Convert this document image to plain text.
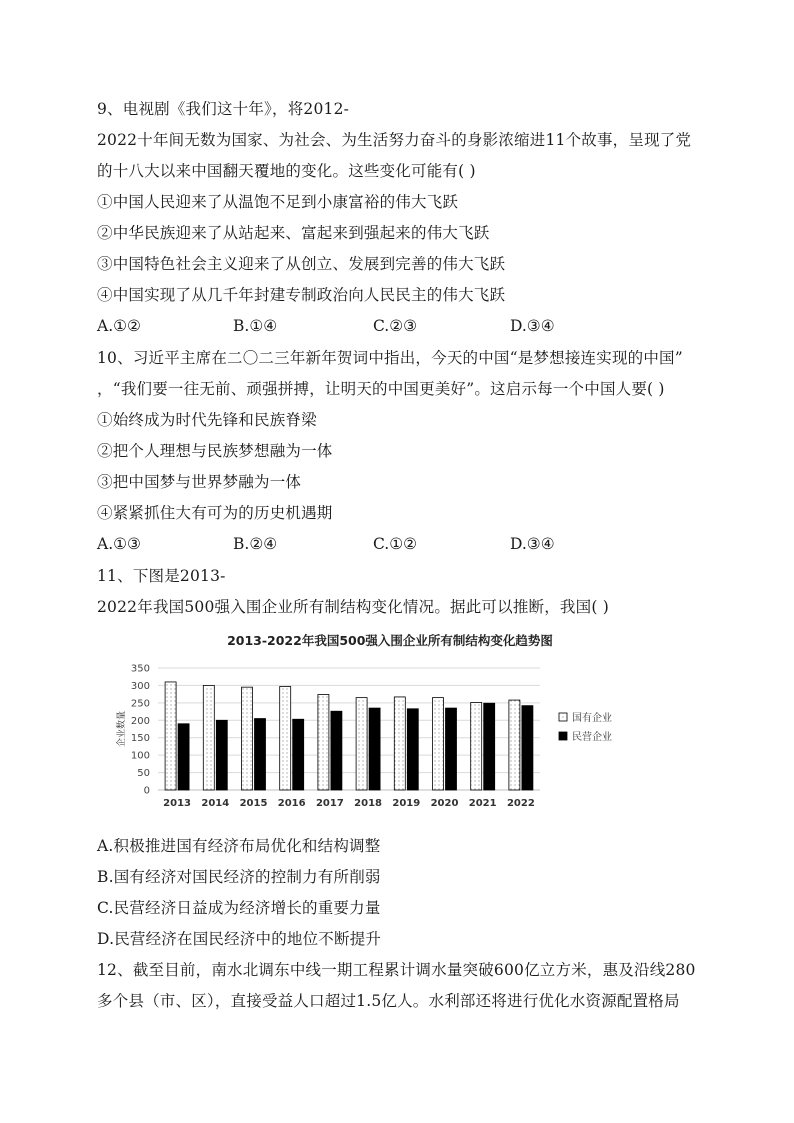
9、电视剧《我们这十年》，将2012-
2022十年间无数为国家、为社会、为生活努力奋斗的身影浓缩进11个故事，呈现了党
的十八大以来中国翻天覆地的变化。这些变化可能有( )
①中国人民迎来了从温饱不足到小康富裕的伟大飞跃
②中华民族迎来了从站起来、富起来到强起来的伟大飞跃
③中国特色社会主义迎来了从创立、发展到完善的伟大飞跃
④中国实现了从几千年封建专制政治向人民民主的伟大飞跃
A.①②	B.①④	C.②③	D.③④
10、习近平主席在二〇二三年新年贺词中指出，今天的中国“是梦想接连实现的中国”
，“我们要一往无前、顽强拼搏，让明天的中国更美好”。这启示每一个中国人要( )
①始终成为时代先锋和民族脊梁
②把个人理想与民族梦想融为一体
③把中国梦与世界梦融为一体
④紧紧抓住大有可为的历史机遇期
A.①③	B.②④	C.①②	D.③④
11、下图是2013-
2022年我国500强入围企业所有制结构变化情况。据此可以推断，我国( )
2013-2022年我国500强入围企业所有制结构变化趋势图
0
50
100
150
200
250
300
350
企业数量
2013 2014 2015 2016 2017 2018 2019 2020 2021 2022
国有企业
民营企业
A.积极推进国有经济布局优化和结构调整
B.国有经济对国民经济的控制力有所削弱
C.民营经济日益成为经济增长的重要力量
D.民营经济在国民经济中的地位不断提升
12、截至目前，南水北调东中线一期工程累计调水量突破600亿立方米，惠及沿线280
多个县（市、区），直接受益人口超过1.5亿人。水利部还将进行优化水资源配置格局
